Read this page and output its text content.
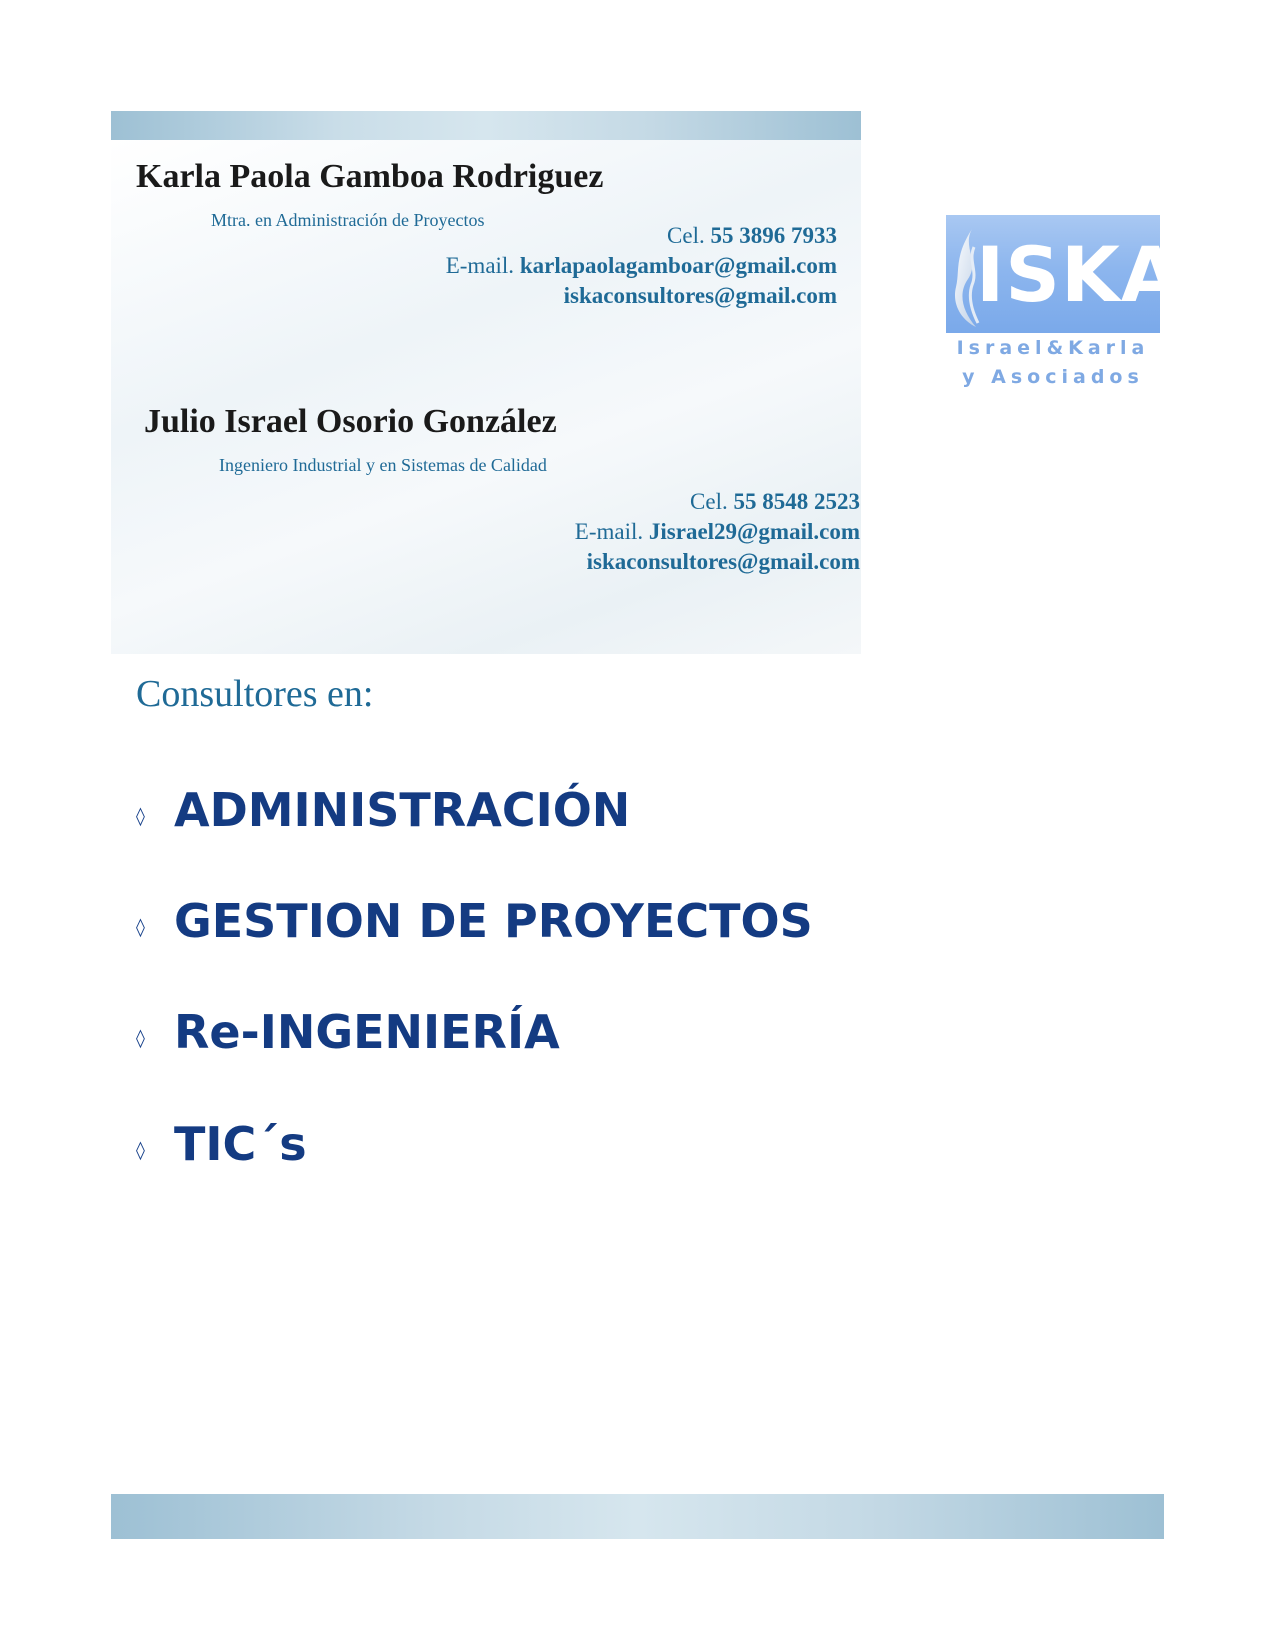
Karla Paola Gamboa Rodriguez
Mtra. en Administración de Proyectos
Cel. 55 3896 7933
E-mail. karlapaolagamboar@gmail.com
iskaconsultores@gmail.com
Julio Israel Osorio González
Ingeniero Industrial y en Sistemas de Calidad
Cel. 55 8548 2523
E-mail. Jisrael29@gmail.com
iskaconsultores@gmail.com
ISKA
Israel&Karla
y Asociados
Consultores en:
◊ ADMINISTRACIÓN
◊ GESTION DE PROYECTOS
◊ Re-INGENIERÍA
◊ TIC´s
